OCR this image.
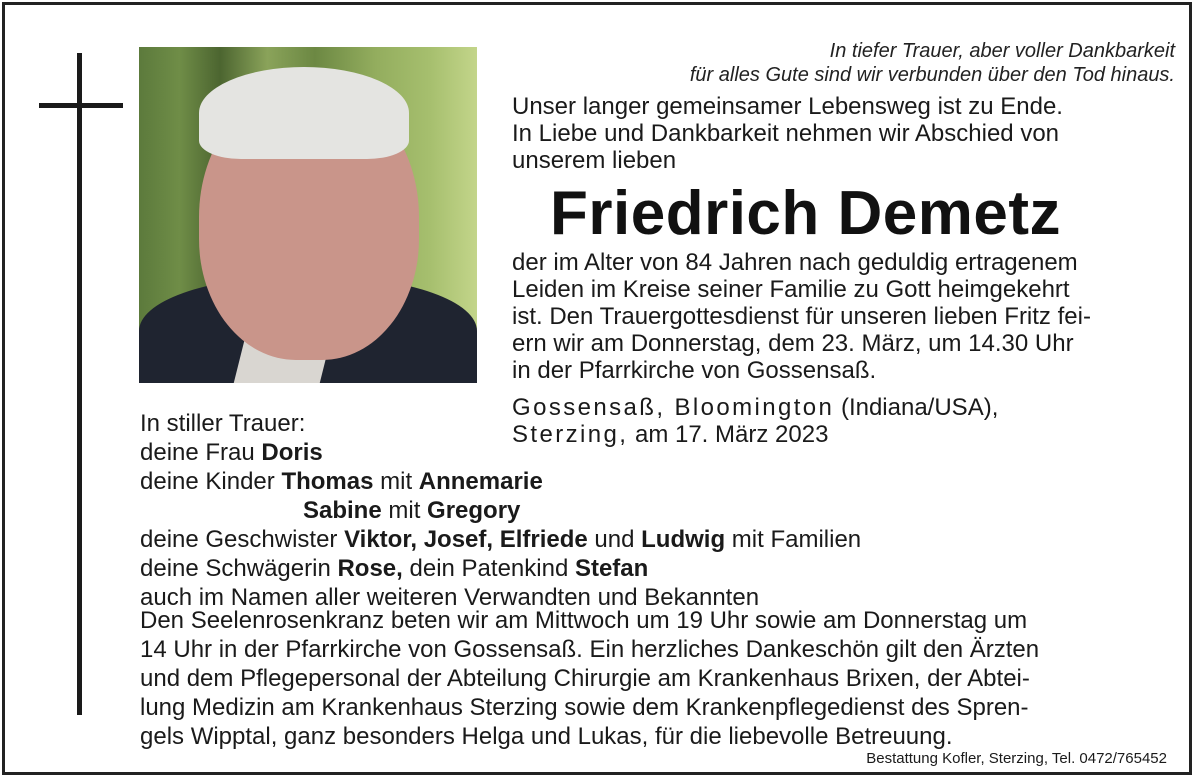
In tiefer Trauer, aber voller Dankbarkeit
für alles Gute sind wir verbunden über den Tod hinaus.
Unser langer gemeinsamer Lebensweg ist zu Ende.
In Liebe und Dankbarkeit nehmen wir Abschied von
unserem lieben
Friedrich Demetz
der im Alter von 84 Jahren nach geduldig ertragenem
Leiden im Kreise seiner Familie zu Gott heimgekehrt
ist. Den Trauergottesdienst für unseren lieben Fritz fei-
ern wir am Donnerstag, dem 23. März, um 14.30 Uhr
in der Pfarrkirche von Gossensaß.
Gossensaß, Bloomington (Indiana/USA),
Sterzing, am 17. März 2023
In stiller Trauer:
deine Frau Doris
deine Kinder Thomas mit Annemarie
Sabine mit Gregory
deine Geschwister Viktor, Josef, Elfriede und Ludwig mit Familien
deine Schwägerin Rose, dein Patenkind Stefan
auch im Namen aller weiteren Verwandten und Bekannten
Den Seelenrosenkranz beten wir am Mittwoch um 19 Uhr sowie am Donnerstag um
14 Uhr in der Pfarrkirche von Gossensaß. Ein herzliches Dankeschön gilt den Ärzten
und dem Pflegepersonal der Abteilung Chirurgie am Krankenhaus Brixen, der Abtei-
lung Medizin am Krankenhaus Sterzing sowie dem Krankenpflegedienst des Spren-
gels Wipptal, ganz besonders Helga und Lukas, für die liebevolle Betreuung.
Bestattung Kofler, Sterzing, Tel. 0472/765452
